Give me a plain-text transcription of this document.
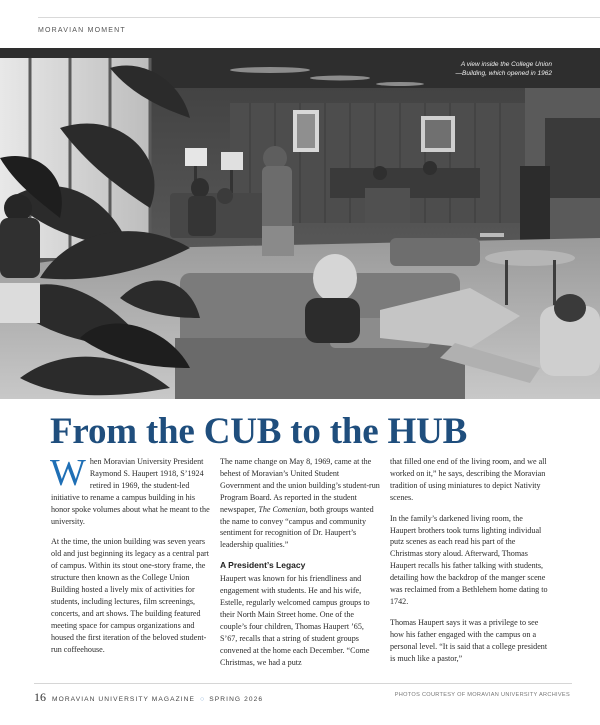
MORAVIAN MOMENT
A view inside the College Union
—Building, which opened in 1962
From the CUB to the HUB

When Moravian University President Raymond S. Haupert 1918, S’1924 retired in 1969, the student-led initiative to rename a campus building in his honor spoke volumes about what he meant to the university.

At the time, the union building was seven years old and just beginning its legacy as a central part of campus. Within its stout one-story frame, the structure then known as the College Union Building hosted a lively mix of activities for students, including lectures, film screenings, concerts, and art shows. The building featured meeting space for campus organizations and housed the first iteration of the beloved student-run coffeehouse.

The name change on May 8, 1969, came at the behest of Moravian’s United Student Government and the union building’s student-run Program Board. As reported in the student newspaper, The Comenian, both groups wanted the name to convey “campus and community sentiment for recognition of Dr. Haupert’s leadership qualities.”

A President’s Legacy

Haupert was known for his friendliness and engagement with students. He and his wife, Estelle, regularly welcomed campus groups to their North Main Street home. One of the couple’s four children, Thomas Haupert ’65, S’67, recalls that a string of student groups convened at the home each December. “Come Christmas, we had a putz

that filled one end of the living room, and we all worked on it,” he says, describing the Moravian tradition of using miniatures to depict Nativity scenes.

In the family’s darkened living room, the Haupert brothers took turns lighting individual putz scenes as each read his part of the Christmas story aloud. Afterward, Thomas Haupert recalls his father talking with students, detailing how the backdrop of the manger scene was reclaimed from a Bethlehem home dating to 1742.

Thomas Haupert says it was a privilege to see how his father engaged with the campus on a personal level. “It is said that a college president is much like a pastor,”

16 MORAVIAN UNIVERSITY MAGAZINE ○ SPRING 2026
PHOTOS COURTESY OF MORAVIAN UNIVERSITY ARCHIVES
